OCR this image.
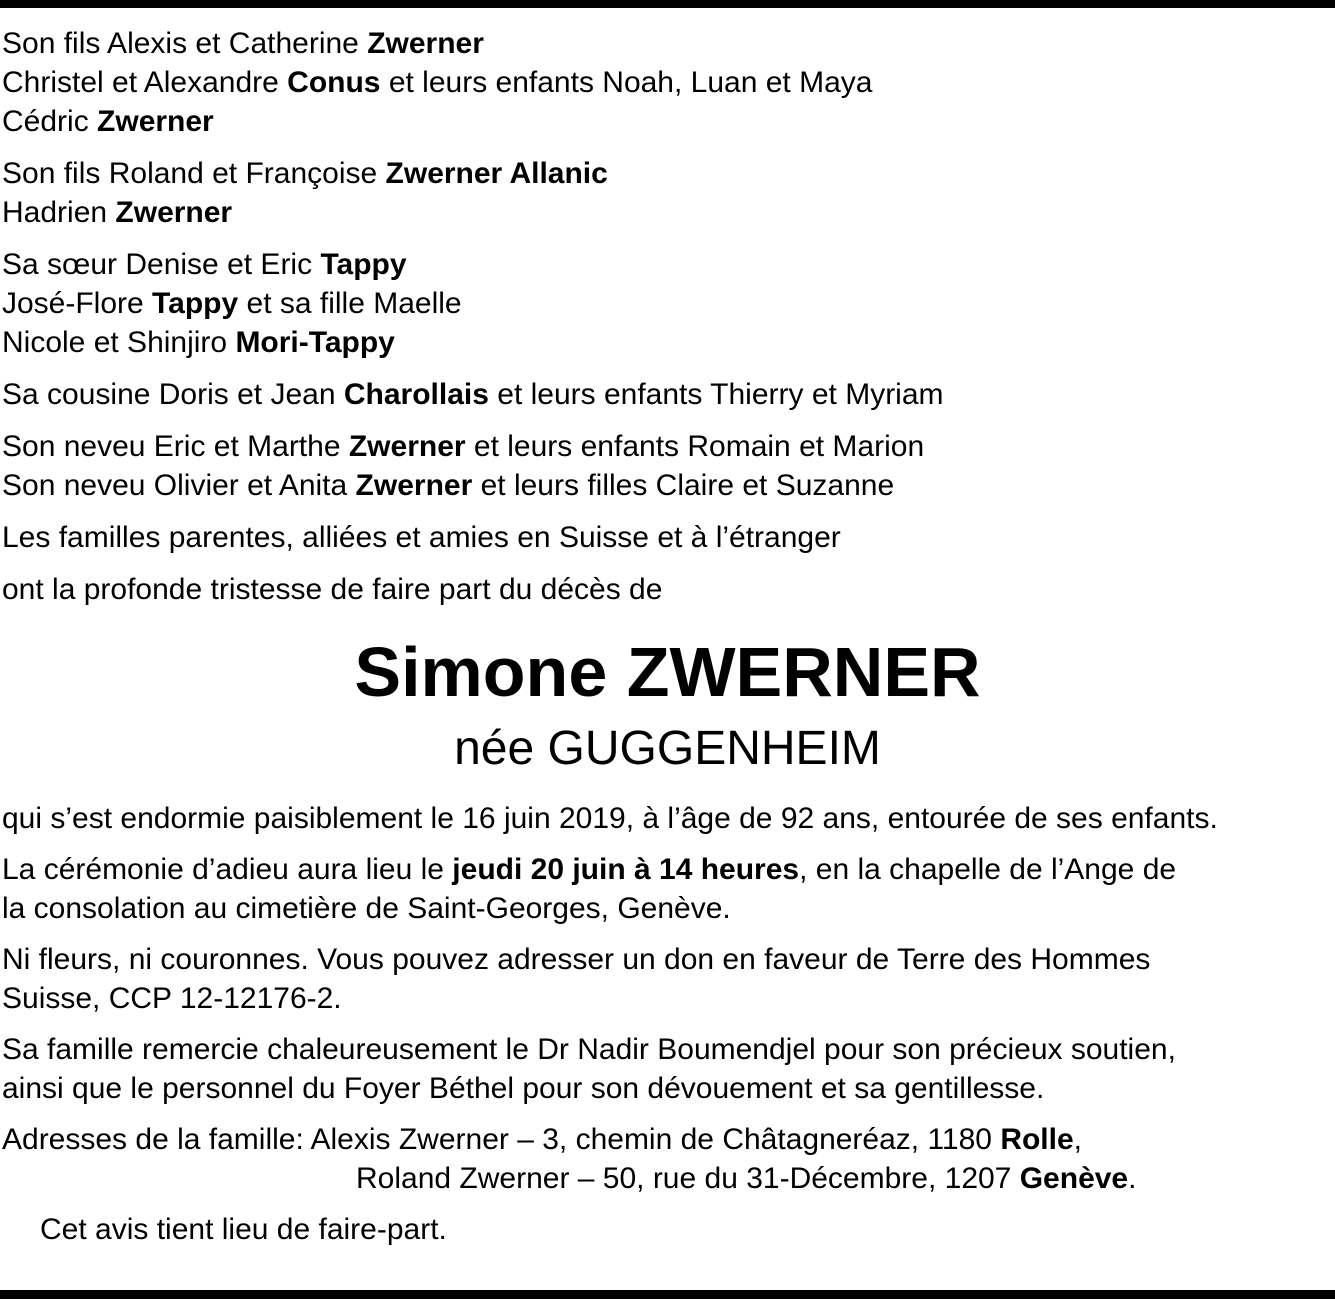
Son fils Alexis et Catherine Zwerner
Christel et Alexandre Conus et leurs enfants Noah, Luan et Maya
Cédric Zwerner
Son fils Roland et Françoise Zwerner Allanic
Hadrien Zwerner
Sa sœur Denise et Eric Tappy
José-Flore Tappy et sa fille Maelle
Nicole et Shinjiro Mori-Tappy
Sa cousine Doris et Jean Charollais et leurs enfants Thierry et Myriam
Son neveu Eric et Marthe Zwerner et leurs enfants Romain et Marion
Son neveu Olivier et Anita Zwerner et leurs filles Claire et Suzanne
Les familles parentes, alliées et amies en Suisse et à l’étranger
ont la profonde tristesse de faire part du décès de
Simone ZWERNER
née GUGGENHEIM
qui s’est endormie paisiblement le 16 juin 2019, à l’âge de 92 ans, entourée de ses enfants.
La cérémonie d’adieu aura lieu le jeudi 20 juin à 14 heures, en la chapelle de l’Ange de
la consolation au cimetière de Saint-Georges, Genève.
Ni fleurs, ni couronnes. Vous pouvez adresser un don en faveur de Terre des Hommes
Suisse, CCP 12-12176-2.
Sa famille remercie chaleureusement le Dr Nadir Boumendjel pour son précieux soutien,
ainsi que le personnel du Foyer Béthel pour son dévouement et sa gentillesse.
Adresses de la famille: Alexis Zwerner – 3, chemin de Châtagneréaz, 1180 Rolle,
Roland Zwerner – 50, rue du 31-Décembre, 1207 Genève.
Cet avis tient lieu de faire-part.
